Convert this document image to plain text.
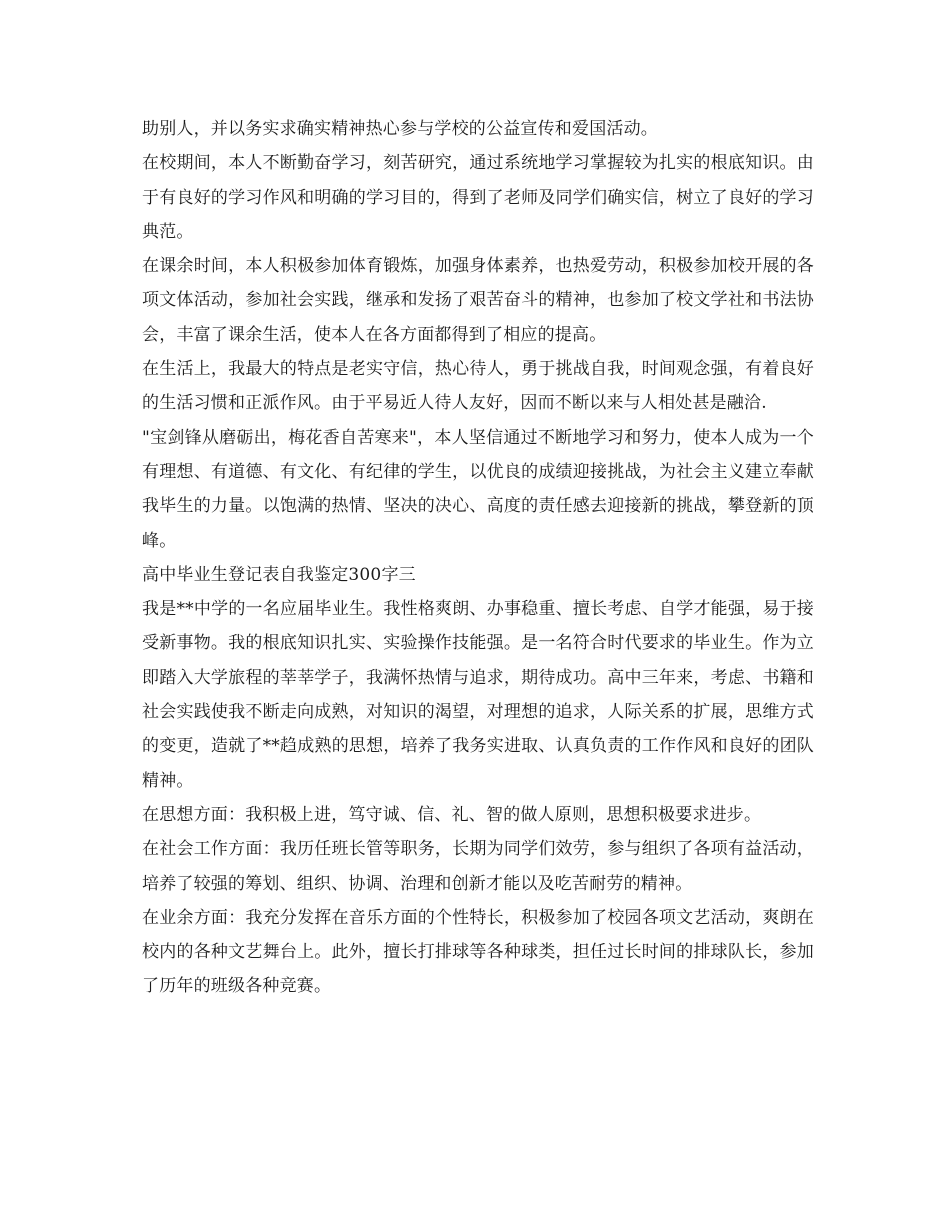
助别人，并以务实求确实精神热心参与学校的公益宣传和爱国活动。

在校期间，本人不断勤奋学习，刻苦研究，通过系统地学习掌握较为扎实的根底知识。由于有良好的学习作风和明确的学习目的，得到了老师及同学们确实信，树立了良好的学习典范。

在课余时间，本人积极参加体育锻炼，加强身体素养，也热爱劳动，积极参加校开展的各项文体活动，参加社会实践，继承和发扬了艰苦奋斗的精神，也参加了校文学社和书法协会，丰富了课余生活，使本人在各方面都得到了相应的提高。

在生活上，我最大的特点是老实守信，热心待人，勇于挑战自我，时间观念强，有着良好的生活习惯和正派作风。由于平易近人待人友好，因而不断以来与人相处甚是融洽.

"宝剑锋从磨砺出，梅花香自苦寒来"，本人坚信通过不断地学习和努力，使本人成为一个有理想、有道德、有文化、有纪律的学生，以优良的成绩迎接挑战，为社会主义建立奉献我毕生的力量。以饱满的热情、坚决的决心、高度的责任感去迎接新的挑战，攀登新的顶峰。

高中毕业生登记表自我鉴定300字三

我是**中学的一名应届毕业生。我性格爽朗、办事稳重、擅长考虑、自学才能强，易于接受新事物。我的根底知识扎实、实验操作技能强。是一名符合时代要求的毕业生。作为立即踏入大学旅程的莘莘学子，我满怀热情与追求，期待成功。高中三年来，考虑、书籍和社会实践使我不断走向成熟，对知识的渴望，对理想的追求，人际关系的扩展，思维方式的变更，造就了**趋成熟的思想，培养了我务实进取、认真负责的工作作风和良好的团队精神。

在思想方面：我积极上进，笃守诚、信、礼、智的做人原则，思想积极要求进步。

在社会工作方面：我历任班长管等职务，长期为同学们效劳，参与组织了各项有益活动，培养了较强的筹划、组织、协调、治理和创新才能以及吃苦耐劳的精神。

在业余方面：我充分发挥在音乐方面的个性特长，积极参加了校园各项文艺活动，爽朗在校内的各种文艺舞台上。此外，擅长打排球等各种球类，担任过长时间的排球队长，参加了历年的班级各种竞赛。
